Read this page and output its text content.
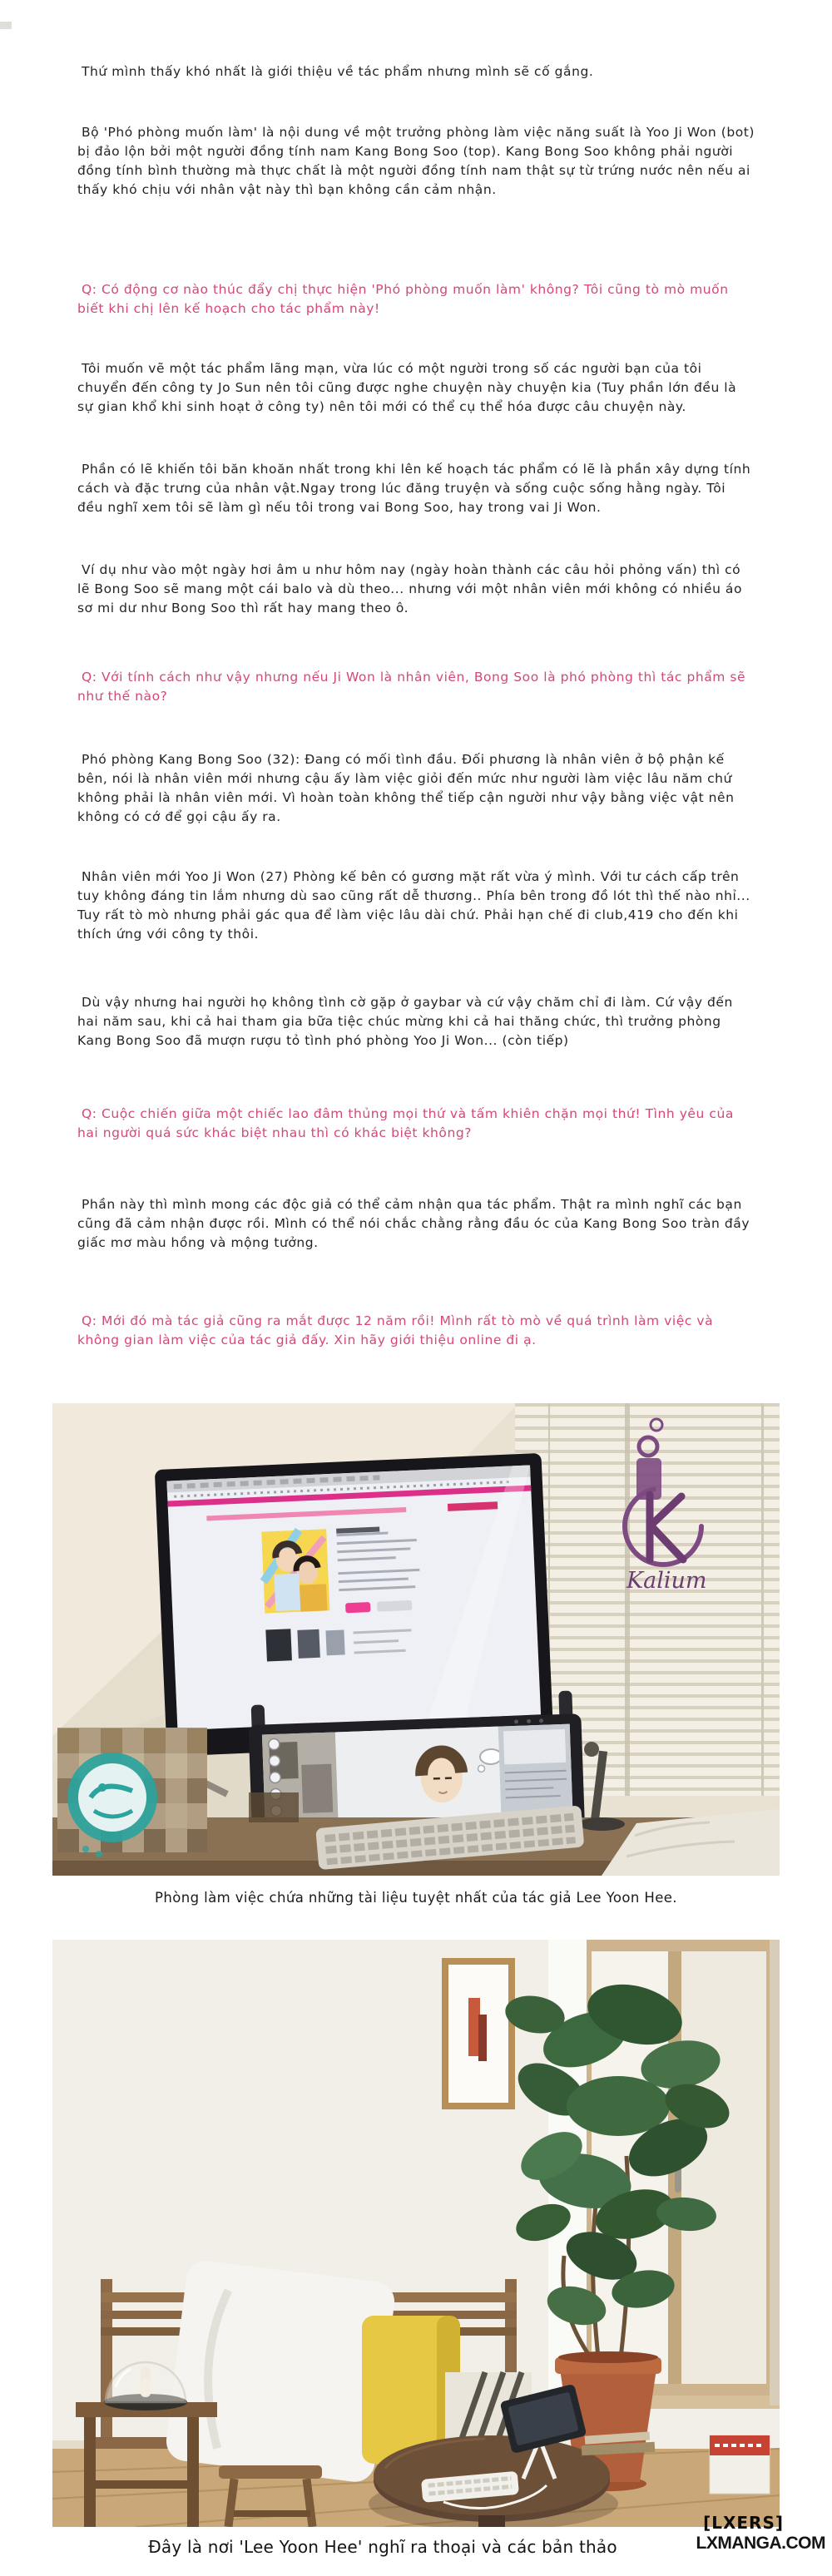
Thứ mình thấy khó nhất là giới thiệu về tác phẩm nhưng mình sẽ cố gắng.
Bộ 'Phó phòng muốn làm' là nội dung về một trưởng phòng làm việc năng suất là Yoo Ji Won (bot) bị đảo lộn bởi một người đồng tính nam Kang Bong Soo (top). Kang Bong Soo không phải người đồng tính bình thường mà thực chất là một người đồng tính nam thật sự từ trứng nước nên nếu ai thấy khó chịu với nhân vật này thì bạn không cần cảm nhận.
Q: Có động cơ nào thúc đẩy chị thực hiện 'Phó phòng muốn làm' không? Tôi cũng tò mò muốn biết khi chị lên kế hoạch cho tác phẩm này!
Tôi muốn vẽ một tác phẩm lãng mạn, vừa lúc có một người trong số các người bạn của tôi chuyển đến công ty Jo Sun nên tôi cũng được nghe chuyện này chuyện kia (Tuy phần lớn đều là sự gian khổ khi sinh hoạt ở công ty) nên tôi mới có thể cụ thể hóa được câu chuyện này.
Phần có lẽ khiến tôi băn khoăn nhất trong khi lên kế hoạch tác phẩm có lẽ là phần xây dựng tính cách và đặc trưng của nhân vật.Ngay trong lúc đăng truyện và sống cuộc sống hằng ngày. Tôi đều nghĩ xem tôi sẽ làm gì nếu tôi trong vai Bong Soo, hay trong vai Ji Won.
Ví dụ như vào một ngày hơi âm u như hôm nay (ngày hoàn thành các câu hỏi phỏng vấn) thì có lẽ Bong Soo sẽ mang một cái balo và dù theo... nhưng với một nhân viên mới không có nhiều áo sơ mi dư như Bong Soo thì rất hay mang theo ô.
Q: Với tính cách như vậy nhưng nếu Ji Won là nhân viên, Bong Soo là phó phòng thì tác phẩm sẽ như thế nào?
Phó phòng Kang Bong Soo (32): Đang có mối tình đầu. Đối phương là nhân viên ở bộ phận kế bên, nói là nhân viên mới nhưng cậu ấy làm việc giỏi đến mức như người làm việc lâu năm chứ không phải là nhân viên mới. Vì hoàn toàn không thể tiếp cận người như vậy bằng việc vật nên không có cớ để gọi cậu ấy ra.
Nhân viên mới Yoo Ji Won (27) Phòng kế bên có gương mặt rất vừa ý mình. Với tư cách cấp trên tuy không đáng tin lắm nhưng dù sao cũng rất dễ thương.. Phía bên trong đồ lót thì thế nào nhỉ... Tuy rất tò mò nhưng phải gác qua để làm việc lâu dài chứ. Phải hạn chế đi club,419 cho đến khi thích ứng với công ty thôi.
Dù vậy nhưng hai người họ không tình cờ gặp ở gaybar và cứ vậy chăm chỉ đi làm. Cứ vậy đến hai năm sau, khi cả hai tham gia bữa tiệc chúc mừng khi cả hai thăng chức, thì trưởng phòng Kang Bong Soo đã mượn rượu tỏ tình phó phòng Yoo Ji Won... (còn tiếp)
Q: Cuộc chiến giữa một chiếc lao đâm thủng mọi thứ và tấm khiên chặn mọi thứ! Tình yêu của hai người quá sức khác biệt nhau thì có khác biệt không?
Phần này thì mình mong các độc giả có thể cảm nhận qua tác phẩm. Thật ra mình nghĩ các bạn cũng đã cảm nhận được rồi. Mình có thể nói chắc chằng rằng đầu óc của Kang Bong Soo tràn đầy giấc mơ màu hồng và mộng tưởng.
Q: Mới đó mà tác giả cũng ra mắt được 12 năm rồi! Mình rất tò mò về quá trình làm việc và không gian làm việc của tác giả đấy. Xin hãy giới thiệu online đi ạ.
Kalium
Phòng làm việc chứa những tài liệu tuyệt nhất của tác giả Lee Yoon Hee.
Đây là nơi 'Lee Yoon Hee' nghĩ ra thoại và các bản thảo
[LXERS]
LXMANGA.COM
